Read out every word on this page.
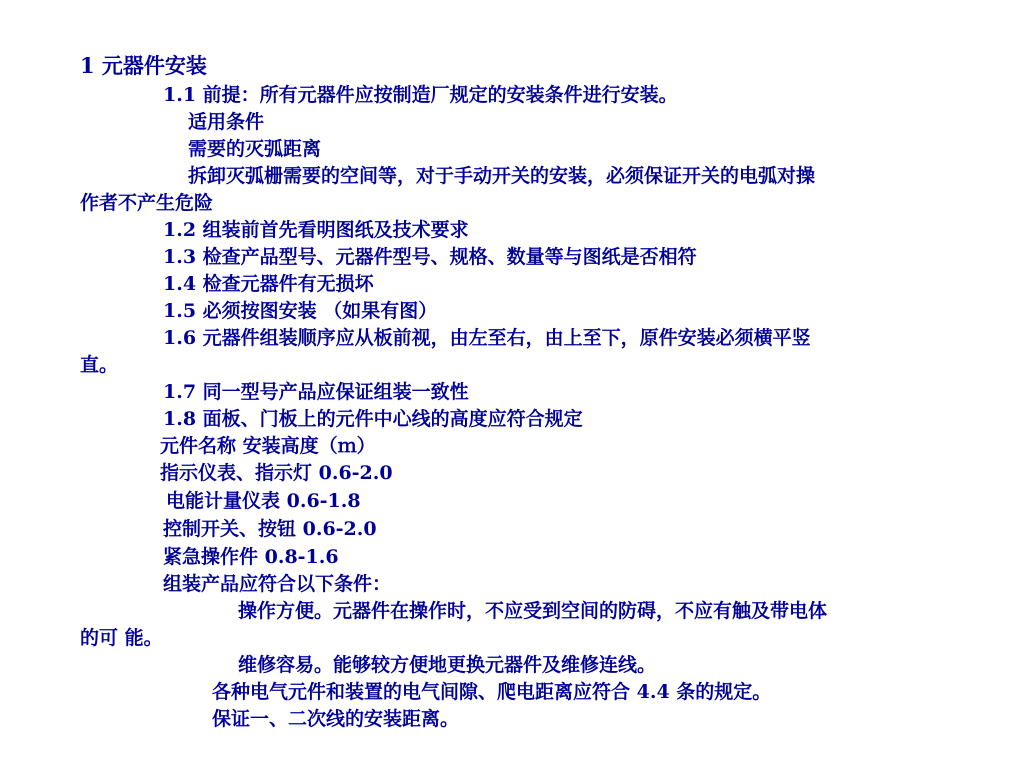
1 元器件安装
1.1 前提：所有元器件应按制造厂规定的安装条件进行安装。
适用条件
需要的灭弧距离
拆卸灭弧栅需要的空间等，对于手动开关的安装，必须保证开关的电弧对操
作者不产生危险
1.2 组装前首先看明图纸及技术要求
1.3 检查产品型号、元器件型号、规格、数量等与图纸是否相符
1.4 检查元器件有无损坏
1.5 必须按图安装 （如果有图）
1.6 元器件组装顺序应从板前视，由左至右，由上至下，原件安装必须横平竖
直。
1.7 同一型号产品应保证组装一致性
1.8 面板、门板上的元件中心线的高度应符合规定
元件名称 安装高度（ｍ）
指示仪表、指示灯 0.6-2.0
电能计量仪表 0.6-1.8
控制开关、按钮 0.6-2.0
紧急操作件 0.8-1.6
组装产品应符合以下条件：
操作方便。元器件在操作时，不应受到空间的防碍，不应有触及带电体
的可 能。
维修容易。能够较方便地更换元器件及维修连线。
各种电气元件和装置的电气间隙、爬电距离应符合 4.4 条的规定。
保证一、二次线的安装距离。
